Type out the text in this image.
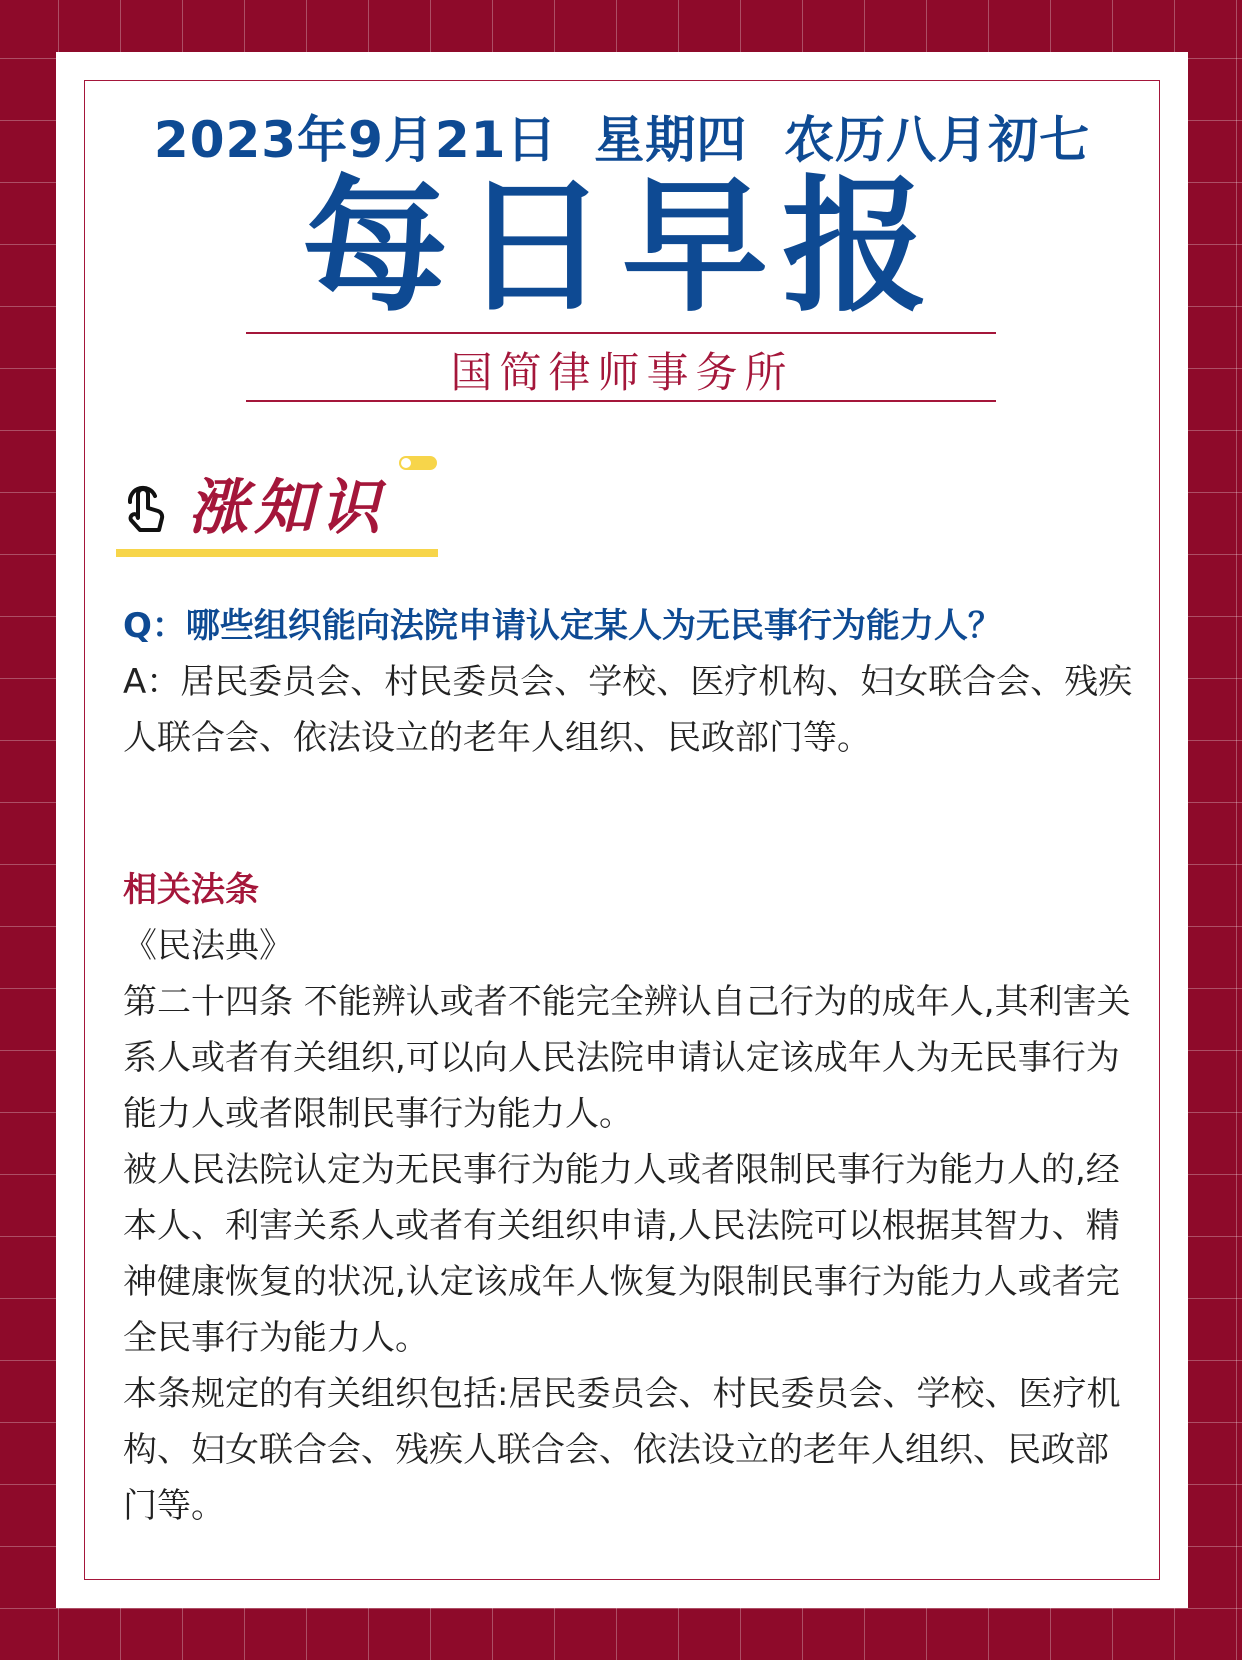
2023年9月21日  星期四  农历八月初七
每日早报
国简律师事务所
涨知识
Q：哪些组织能向法院申请认定某人为无民事行为能力人？
A：居民委员会、村民委员会、学校、医疗机构、妇女联合会、残疾人联合会、依法设立的老年人组织、民政部门等。
相关法条

《民法典》

第二十四条 不能辨认或者不能完全辨认自己行为的成年人,其利害关系人或者有关组织,可以向人民法院申请认定该成年人为无民事行为能力人或者限制民事行为能力人。

被人民法院认定为无民事行为能力人或者限制民事行为能力人的,经本人、利害关系人或者有关组织申请,人民法院可以根据其智力、精神健康恢复的状况,认定该成年人恢复为限制民事行为能力人或者完全民事行为能力人。

本条规定的有关组织包括:居民委员会、村民委员会、学校、医疗机构、妇女联合会、残疾人联合会、依法设立的老年人组织、民政部门等。
